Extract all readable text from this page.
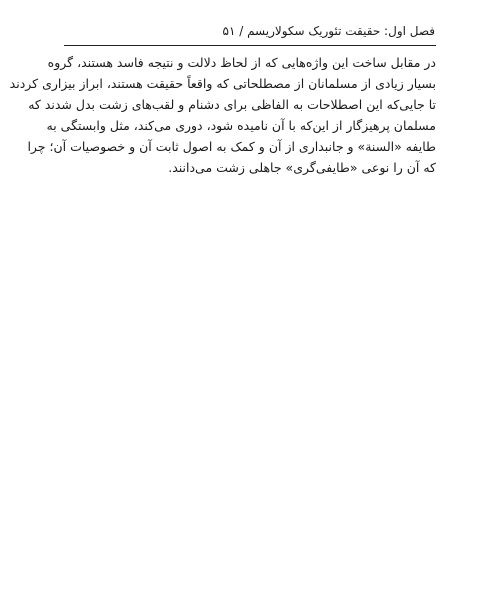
فصل اول: حقیقت تئوریک سکولاریسم / ۵۱
در مقابل ساخت این واژه‌هایی که از لحاظ دلالت و نتیجه فاسد هستند، گروه
بسیار زیادی از مسلمانان از مصطلحاتی که واقعاً حقیقت هستند، ابراز بیزاری کردند
تا جایی‌که این اصطلاحات به الفاظی برای دشنام و لقب‌های زشت بدل شدند که
مسلمان پرهیزگار از این‌که با آن نامیده شود، دوری می‌کند، مثل وابستگی به
طایفه «السنة» و جانبداری از آن و کمک به اصول ثابت آن و خصوصیات آن؛ چرا
که آن را نوعی «طایفی‌گری» جاهلی زشت می‌دانند.
